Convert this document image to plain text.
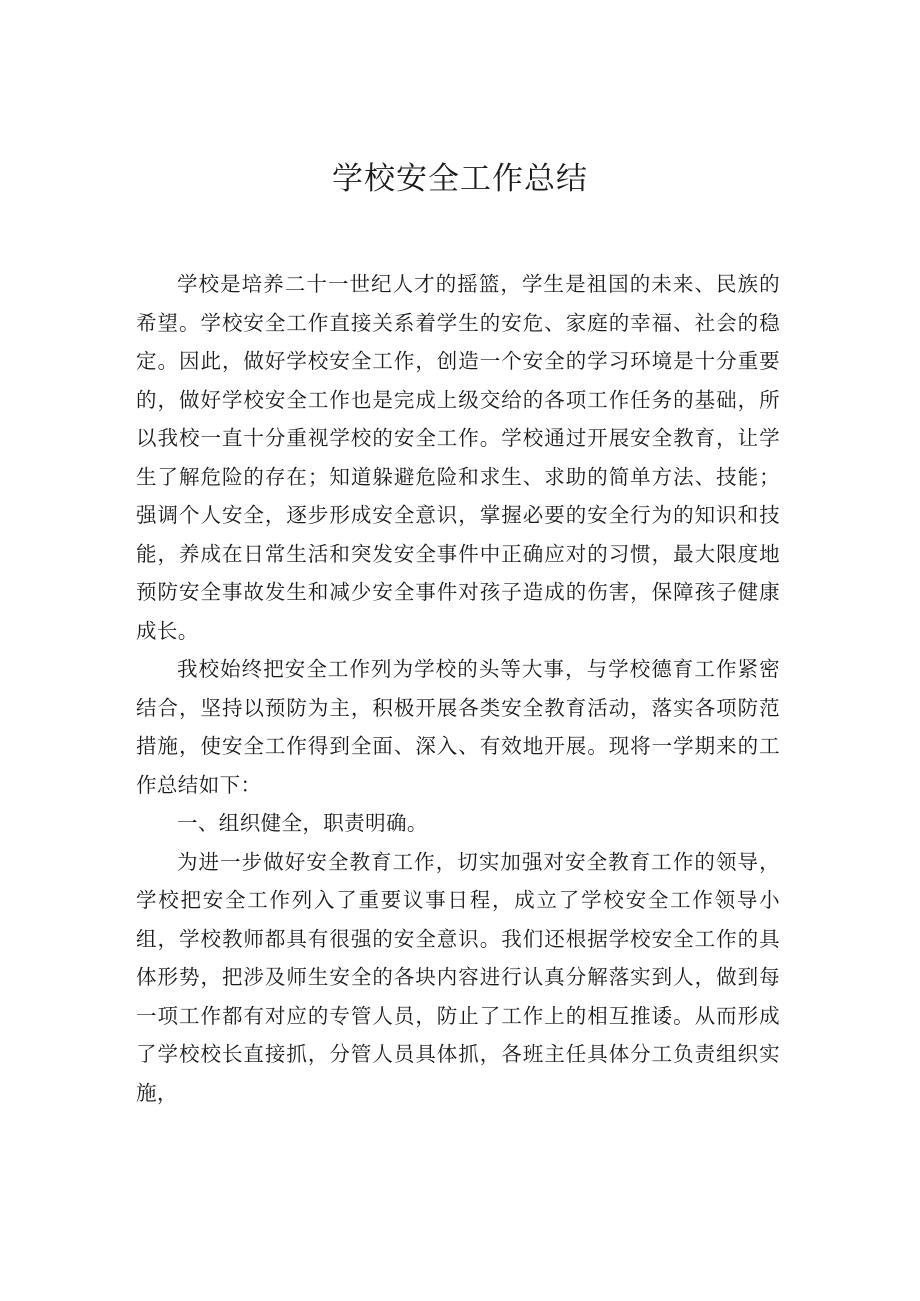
学校安全工作总结

学校是培养二十一世纪人才的摇篮，学生是祖国的未来、民族的希望。学校安全工作直接关系着学生的安危、家庭的幸福、社会的稳定。因此，做好学校安全工作，创造一个安全的学习环境是十分重要的，做好学校安全工作也是完成上级交给的各项工作任务的基础，所以我校一直十分重视学校的安全工作。学校通过开展安全教育，让学生了解危险的存在；知道躲避危险和求生、求助的简单方法、技能；强调个人安全，逐步形成安全意识，掌握必要的安全行为的知识和技能，养成在日常生活和突发安全事件中正确应对的习惯，最大限度地预防安全事故发生和减少安全事件对孩子造成的伤害，保障孩子健康成长。

我校始终把安全工作列为学校的头等大事，与学校德育工作紧密结合，坚持以预防为主，积极开展各类安全教育活动，落实各项防范措施，使安全工作得到全面、深入、有效地开展。现将一学期来的工作总结如下：

一、组织健全，职责明确。

为进一步做好安全教育工作，切实加强对安全教育工作的领导，学校把安全工作列入了重要议事日程，成立了学校安全工作领导小组，学校教师都具有很强的安全意识。我们还根据学校安全工作的具体形势，把涉及师生安全的各块内容进行认真分解落实到人，做到每一项工作都有对应的专管人员，防止了工作上的相互推诿。从而形成了学校校长直接抓，分管人员具体抓，各班主任具体分工负责组织实施，
